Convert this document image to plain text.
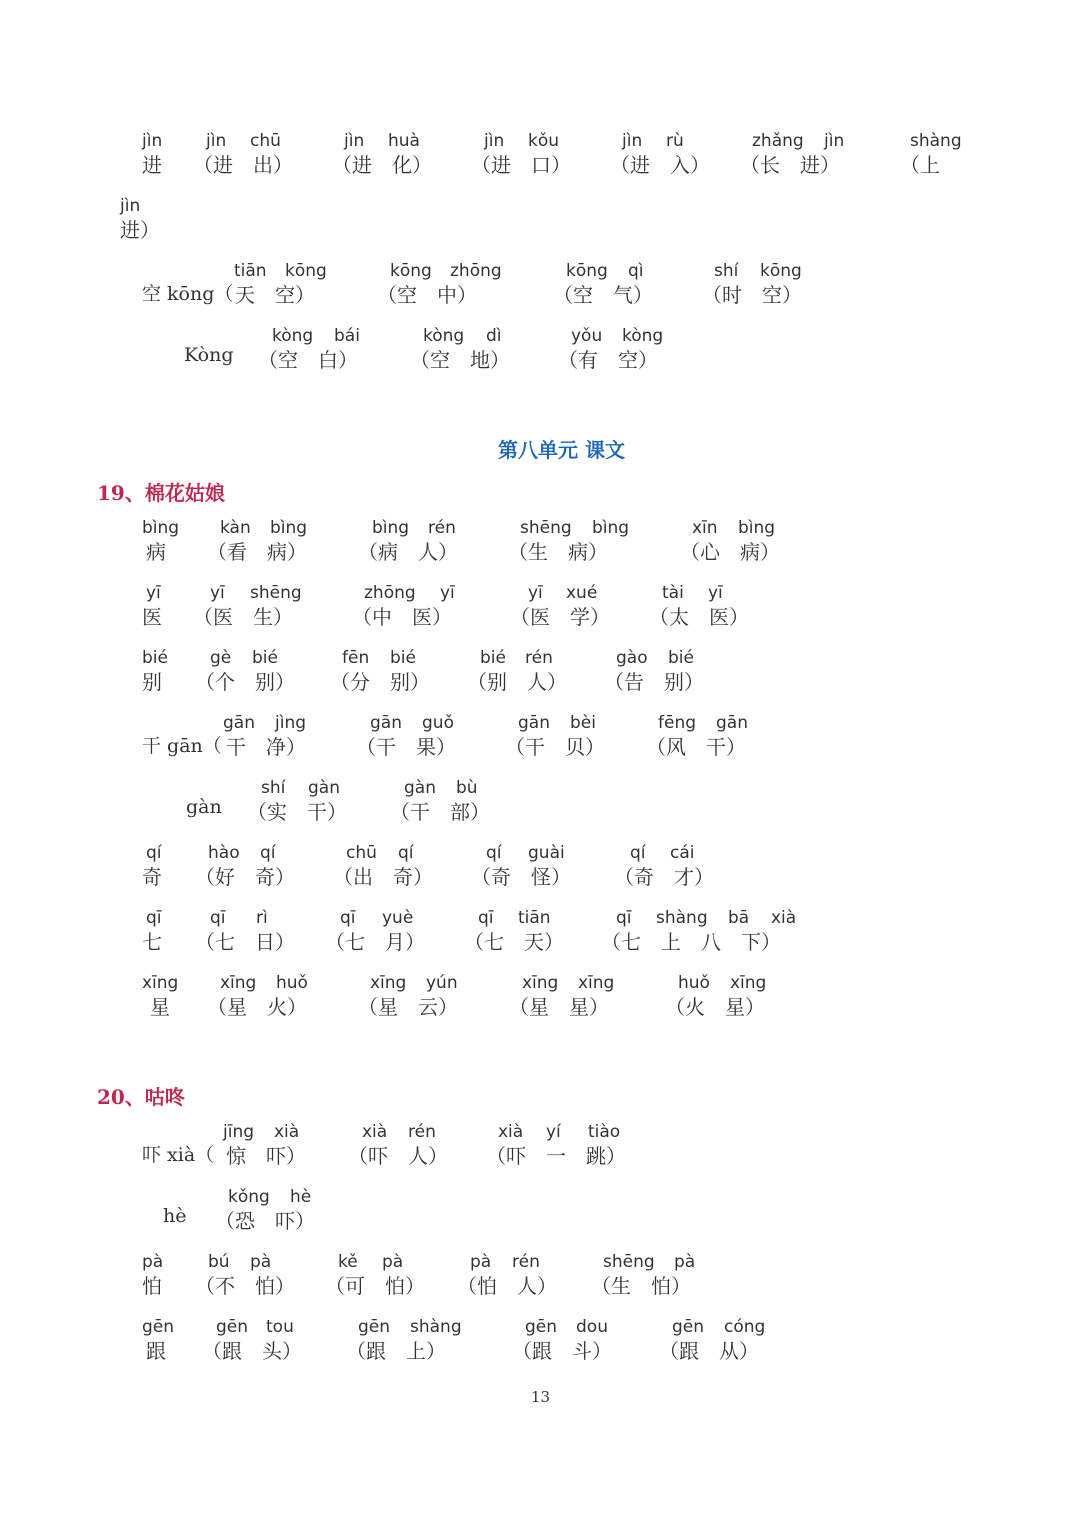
jìn
进
jìn chū
（进　出）
jìn huà
（进　化）
jìn kǒu
（进　口）
jìn rù
（进　入）
zhǎng jìn
（长　进）
shàng
（上
jìn
进）
空 kōng（
tiān kōng
天　空）
kōng zhōng
（空　中）
kōng qì
（空　气）
shí kōng
（时　空）
Kòng
kòng bái
（空　白）
kòng dì
（空　地）
yǒu kòng
（有　空）
bìng
病
kàn bìng
（看　病）
bìng rén
（病　人）
shēng bìng
（生　病）
xīn bìng
（心　病）
yī
医
yī shēng
（医　生）
zhōng yī
（中　医）
yī xué
（医　学）
tài yī
（太　医）
bié
别
gè bié
（个　别）
fēn bié
（分　别）
bié rén
（别　人）
gào bié
（告　别）
干 gān（
gān jìng
干　净）
gān guǒ
（干　果）
gān bèi
（干　贝）
fēng gān
（风　干）
gàn
shí gàn
（实　干）
gàn bù
（干　部）
qí
奇
hào qí
（好　奇）
chū qí
（出　奇）
qí guài
（奇　怪）
qí cái
（奇　才）
qī
七
qī rì
（七　日）
qī yuè
（七　月）
qī tiān
（七　天）
qī shàng bā xià
（七　上　八　下）
xīng
星
xīng huǒ
（星　火）
xīng yún
（星　云）
xīng xīng
（星　星）
huǒ xīng
（火　星）
吓 xià（
jīng xià
惊　吓）
xià rén
（吓　人）
xià yí tiào
（吓　一　跳）
hè
kǒng hè
（恐　吓）
pà
怕
bú pà
（不　怕）
kě pà
（可　怕）
pà rén
（怕　人）
shēng pà
（生　怕）
gēn
跟
gēn tou
（跟　头）
gēn shàng
（跟　上）
gēn dou
（跟　斗）
gēn cóng
（跟　从）
第八单元 课文
19、棉花姑娘
20、咕咚
13
